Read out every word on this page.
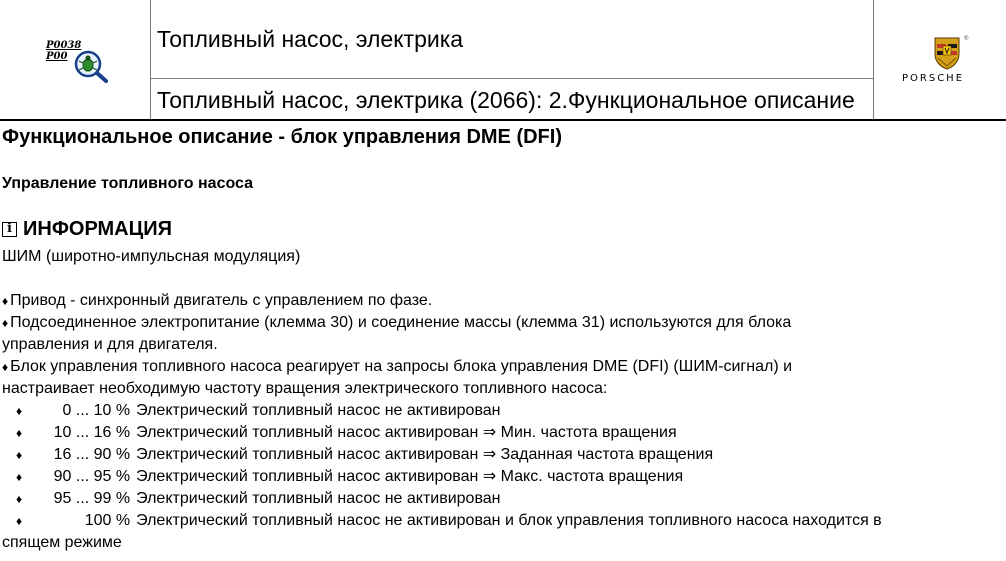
P0038
P00
Топливный насос, электрика
Топливный насос, электрика (2066): 2.Функциональное описание
®
PORSCHE
Функциональное описание - блок управления DME (DFI)
Управление топливного насоса
i ИНФОРМАЦИЯ
ШИМ (широтно-импульсная модуляция)
♦ Привод - синхронный двигатель с управлением по фазе.
♦ Подсоединенное электропитание (клемма 30) и соединение массы (клемма 31) используются для блока
управления и для двигателя.
♦ Блок управления топливного насоса реагирует на запросы блока управления DME (DFI) (ШИМ-сигнал) и
настраивает необходимую частоту вращения электрического топливного насоса:
♦	0 ... 10 % Электрический топливный насос не активирован
♦ 10 ... 16 % Электрический топливный насос активирован ⇒ Мин. частота вращения
♦ 16 ... 90 % Электрический топливный насос активирован ⇒ Заданная частота вращения
♦ 90 ... 95 % Электрический топливный насос активирован ⇒ Макс. частота вращения
♦ 95 ... 99 % Электрический топливный насос не активирован
♦	100 % Электрический топливный насос не активирован и блок управления топливного насоса находится в
спящем режиме
